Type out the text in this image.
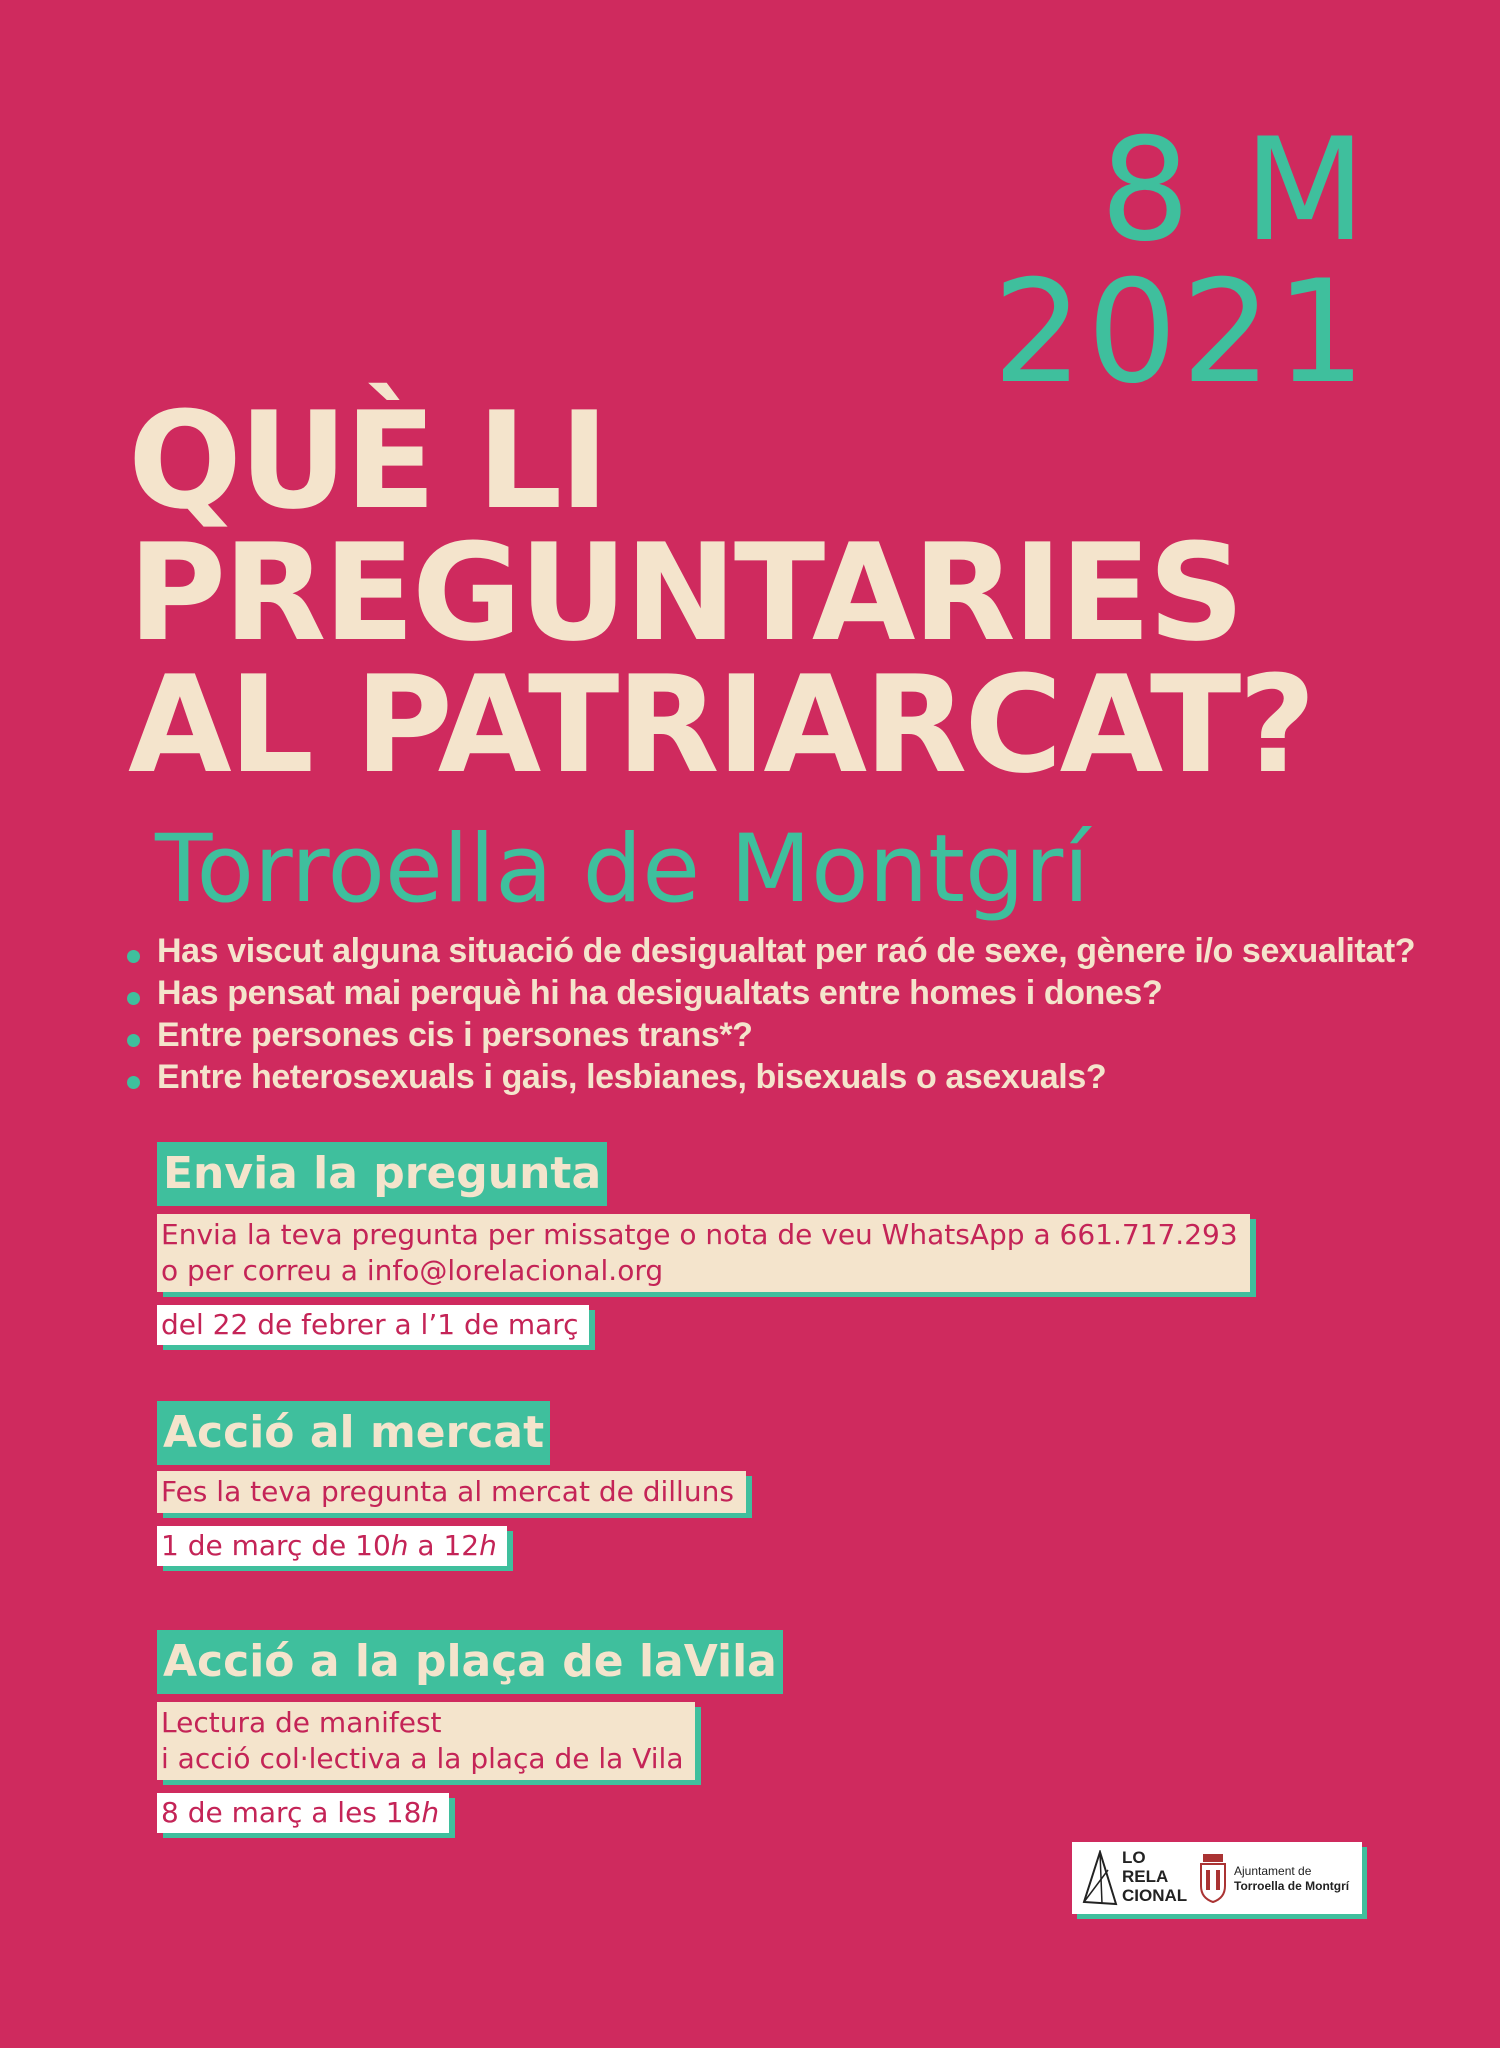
8 M
2021
QUÈ LI
PREGUNTARIES
AL PATRIARCAT?
Torroella de Montgrí
Has viscut alguna situació de desigualtat per raó de sexe, gènere i/o sexualitat?
Has pensat mai perquè hi ha desigualtats entre homes i dones?
Entre persones cis i persones trans*?
Entre heterosexuals i gais, lesbianes, bisexuals o asexuals?
Envia la pregunta
Envia la teva pregunta per missatge o nota de veu WhatsApp a 661.717.293
o per correu a info@lorelacional.org
del 22 de febrer a l’1 de març
Acció al mercat
Fes la teva pregunta al mercat de dilluns
1 de març de 10h a 12h
Acció a la plaça de laVila
Lectura de manifest
i acció col·lectiva a la plaça de la Vila
8 de març a les 18h
LO
RELA
CIONAL
Ajuntament de
Torroella de Montgrí
